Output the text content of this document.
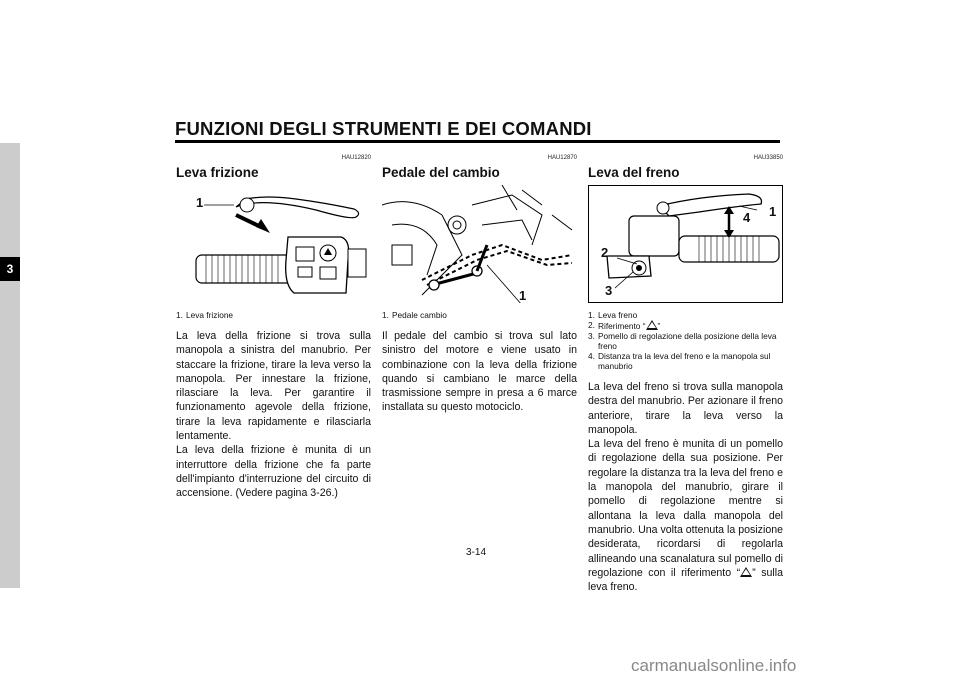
FUNZIONI DEGLI STRUMENTI E DEI COMANDI
3
HAU12820
Leva frizione
1
1. Leva frizione

La leva della frizione si trova sulla manopola a sinistra del manubrio. Per staccare la frizione, tirare la leva verso la manopola. Per innestare la frizione, rilasciare la leva. Per garantire il funzionamento agevole della frizione, tirare la leva rapidamente e rilasciarla lentamente.

La leva della frizione è munita di un interruttore della frizione che fa parte dell'impianto d'interruzione del circuito di accensione. (Vedere pagina 3-26.)

HAU12870
Pedale del cambio
1
1. Pedale cambio

Il pedale del cambio si trova sul lato sinistro del motore e viene usato in combinazione con la leva della frizione quando si cambiano le marce della trasmissione sempre in presa a 6 marce installata su questo motociclo.

HAU33850
Leva del freno
1
4
2
3
1. Leva freno
2. Riferimento “ ”
3. Pomello di regolazione della posizione della leva freno
4. Distanza tra la leva del freno e la manopola sul manubrio

La leva del freno si trova sulla manopola destra del manubrio. Per azionare il freno anteriore, tirare la leva verso la manopola.

La leva del freno è munita di un pomello di regolazione della sua posizione. Per regolare la distanza tra la leva del freno e la manopola del manubrio, girare il pomello di regolazione mentre si allontana la leva dalla manopola del manubrio. Una volta ottenuta la posizione desiderata, ricordarsi di regolarla allineando una scanalatura sul pomello di regolazione con il riferimento “ ” sulla leva freno.

3-14
carmanualsonline.info
